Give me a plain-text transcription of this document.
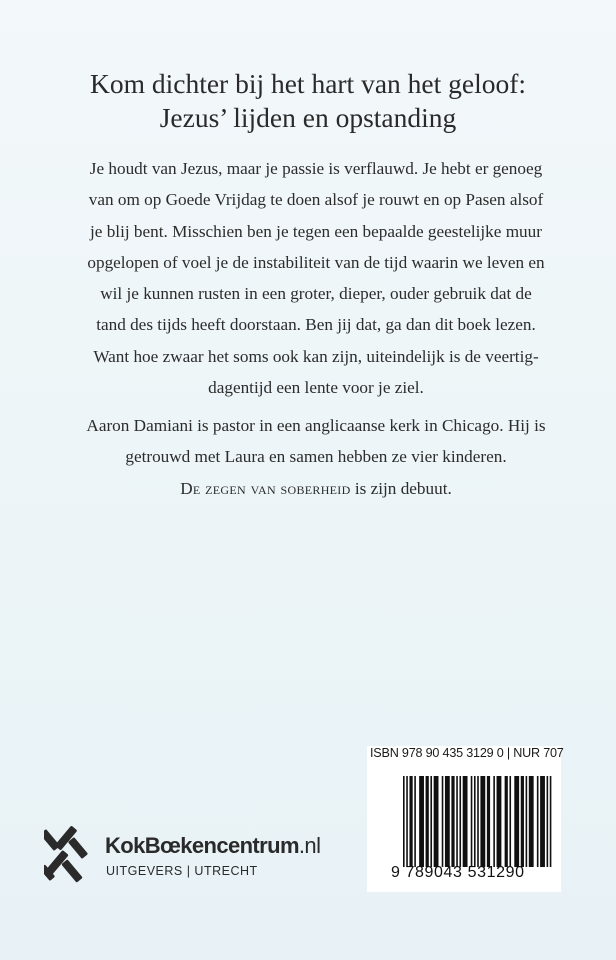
Kom dichter bij het hart van het geloof:
Jezus’ lijden en opstanding
Je houdt van Jezus, maar je passie is verflauwd. Je hebt er genoeg
van om op Goede Vrijdag te doen alsof je rouwt en op Pasen alsof
je blij bent. Misschien ben je tegen een bepaalde geestelijke muur
opgelopen of voel je de instabiliteit van de tijd waarin we leven en
wil je kunnen rusten in een groter, dieper, ouder gebruik dat de
tand des tijds heeft doorstaan. Ben jij dat, ga dan dit boek lezen.
Want hoe zwaar het soms ook kan zijn, uiteindelijk is de veertig-
dagentijd een lente voor je ziel.
Aaron Damiani is pastor in een anglicaanse kerk in Chicago. Hij is
getrouwd met Laura en samen hebben ze vier kinderen.
De zegen van soberheid is zijn debuut.
ISBN 978 90 435 3129 0 | NUR 707
9 789043 531290
KokBœkencentrum.nl
UITGEVERS | UTRECHT
